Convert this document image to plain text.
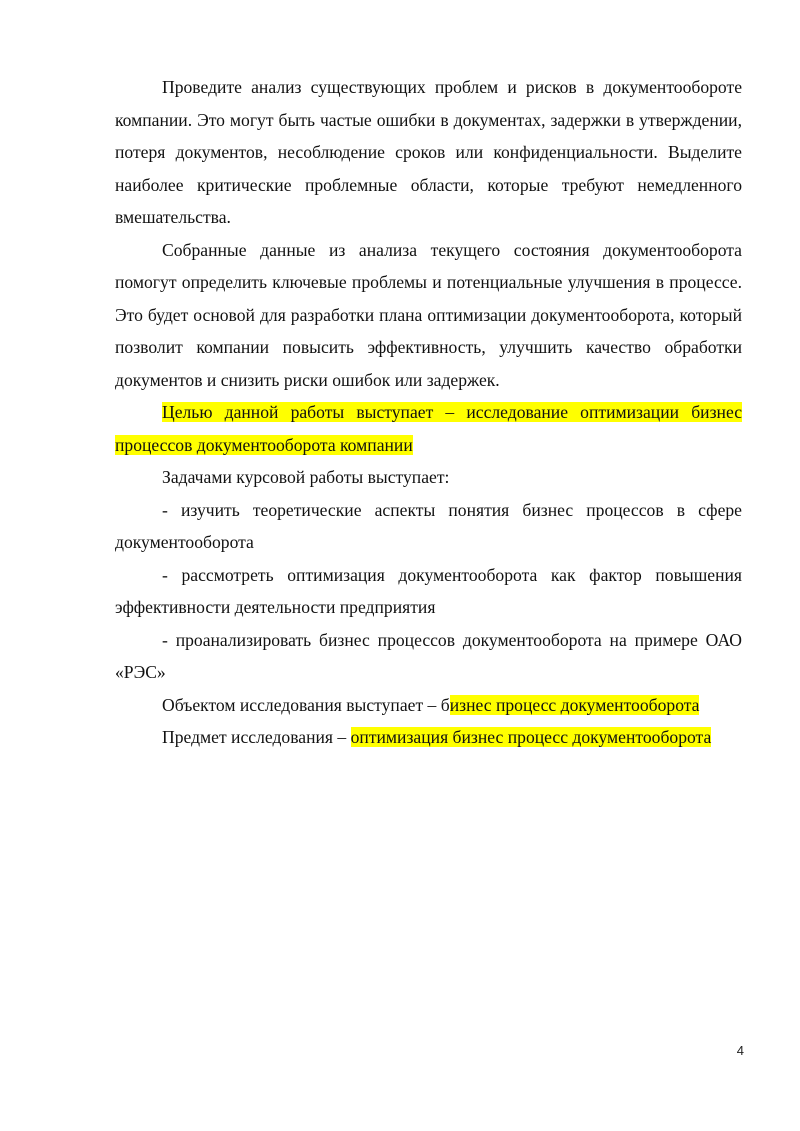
Проведите анализ существующих проблем и рисков в документообороте компании. Это могут быть частые ошибки в документах, задержки в утверждении, потеря документов, несоблюдение сроков или конфиденциальности. Выделите наиболее критические проблемные области, которые требуют немедленного вмешательства.

Собранные данные из анализа текущего состояния документооборота помогут определить ключевые проблемы и потенциальные улучшения в процессе. Это будет основой для разработки плана оптимизации документооборота, который позволит компании повысить эффективность, улучшить качество обработки документов и снизить риски ошибок или задержек.

Целью данной работы выступает – исследование оптимизации бизнес процессов документооборота компании

Задачами курсовой работы выступает:

- изучить теоретические аспекты понятия бизнес процессов в сфере документооборота

- рассмотреть оптимизация документооборота как фактор повышения эффективности деятельности предприятия

- проанализировать бизнес процессов документооборота на примере ОАО «РЭС»

Объектом исследования выступает – бизнес процесс документооборота

Предмет исследования – оптимизация бизнес процесс документооборота

4
